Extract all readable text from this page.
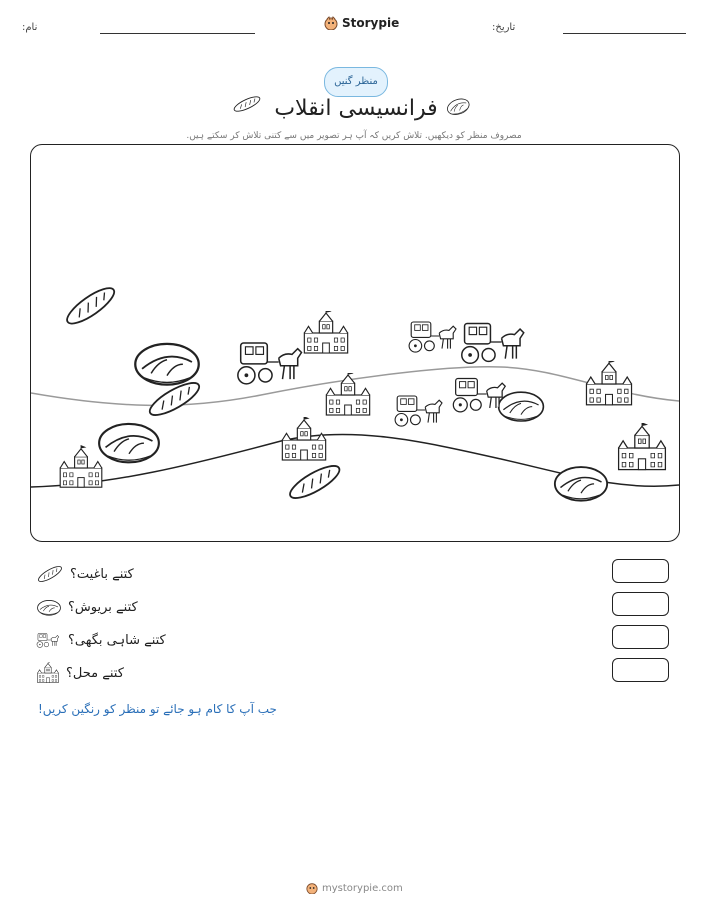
نام:	Storypie	تاریخ:
منظر گنیں
فرانسیسی انقلاب
مصروف منظر کو دیکھیں. تلاش کریں کہ آپ ہر تصویر میں سے کتنی تلاش کر سکتے ہیں.
کتنے باغیت؟
کتنے بریوش؟
کتنے شاہی بگھی؟
کتنے محل؟
جب آپ کا کام ہو جائے تو منظر کو رنگین کریں!
mystorypie.com
